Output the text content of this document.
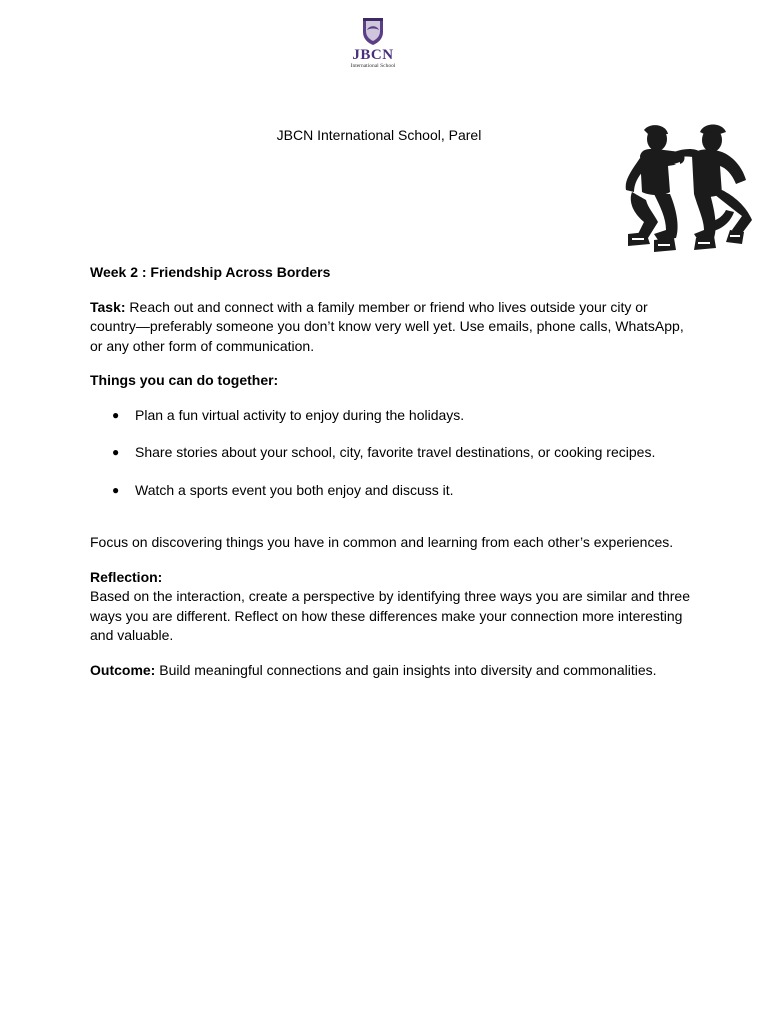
JBCN
International School
JBCN International School, Parel

Week 2 : Friendship Across Borders

Task: Reach out and connect with a family member or friend who lives outside your city or country—preferably someone you don’t know very well yet. Use emails, phone calls, WhatsApp, or any other form of communication.

Things you can do together:

● Plan a fun virtual activity to enjoy during the holidays.
● Share stories about your school, city, favorite travel destinations, or cooking recipes.
● Watch a sports event you both enjoy and discuss it.

Focus on discovering things you have in common and learning from each other’s experiences.

Reflection:

Based on the interaction, create a perspective by identifying three ways you are similar and three ways you are different. Reflect on how these differences make your connection more interesting and valuable.

Outcome: Build meaningful connections and gain insights into diversity and commonalities.
